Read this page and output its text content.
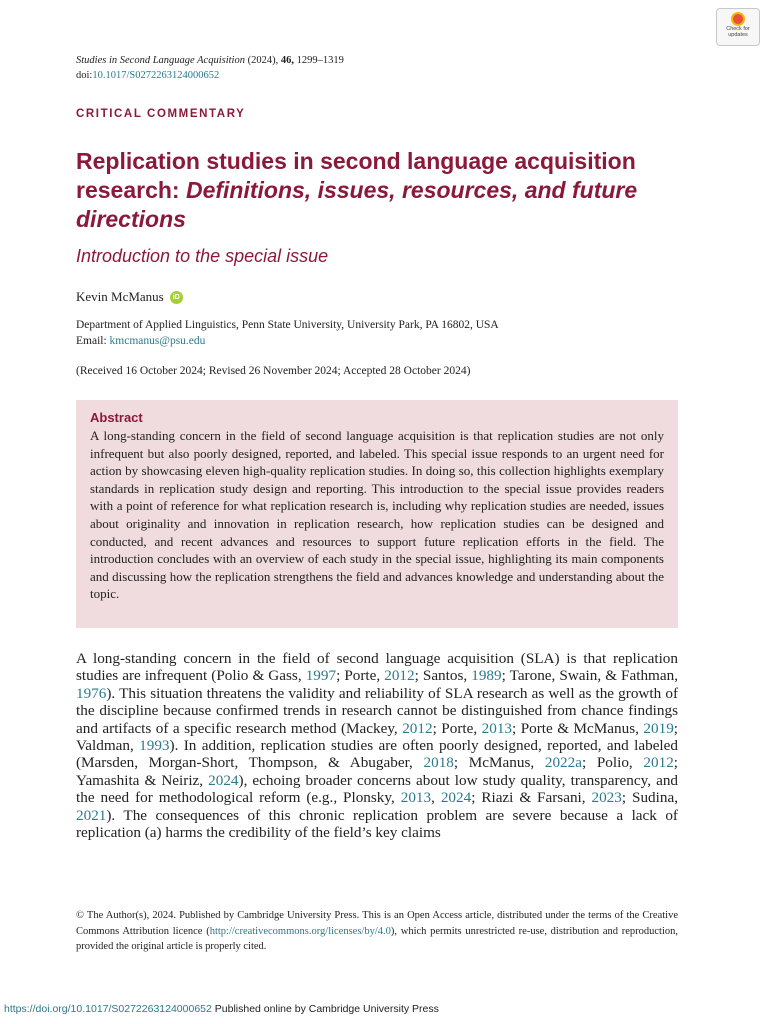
Check for
updates
Studies in Second Language Acquisition (2024), 46, 1299–1319
doi:10.1017/S0272263124000652
CRITICAL COMMENTARY
Replication studies in second language acquisition research: Definitions, issues, resources, and future directions
Introduction to the special issue
Kevin McManus	iD
Department of Applied Linguistics, Penn State University, University Park, PA 16802, USA
Email: kmcmanus@psu.edu
(Received 16 October 2024; Revised 26 November 2024; Accepted 28 October 2024)
Abstract
A long-standing concern in the field of second language acquisition is that replication studies are not only infrequent but also poorly designed, reported, and labeled. This special issue responds to an urgent need for action by showcasing eleven high-quality replication studies. In doing so, this collection highlights exemplary standards in replication study design and reporting. This introduction to the special issue provides readers with a point of reference for what replication research is, including why replication studies are needed, issues about originality and innovation in replication research, how replication studies can be designed and conducted, and recent advances and resources to support future replication efforts in the field. The introduction concludes with an overview of each study in the special issue, highlighting its main components and discussing how the replication strengthens the field and advances knowledge and understanding about the topic.

A long-standing concern in the field of second language acquisition (SLA) is that replication studies are infrequent (Polio & Gass, 1997; Porte, 2012; Santos, 1989; Tarone, Swain, & Fathman, 1976). This situation threatens the validity and reliability of SLA research as well as the growth of the discipline because confirmed trends in research cannot be distinguished from chance findings and artifacts of a specific research method (Mackey, 2012; Porte, 2013; Porte & McManus, 2019; Valdman, 1993). In addition, replication studies are often poorly designed, reported, and labeled (Marsden, Morgan-Short, Thompson, & Abugaber, 2018; McManus, 2022a; Polio, 2012; Yamashita & Neiriz, 2024), echoing broader concerns about low study quality, transparency, and the need for methodological reform (e.g., Plonsky, 2013, 2024; Riazi & Farsani, 2023; Sudina, 2021). The consequences of this chronic replication problem are severe because a lack of replication (a) harms the credibility of the field’s key claims

© The Author(s), 2024. Published by Cambridge University Press. This is an Open Access article, distributed under the terms of the Creative Commons Attribution licence (http://creativecommons.org/licenses/by/4.0), which permits unrestricted re-use, distribution and reproduction, provided the original article is properly cited.
https://doi.org/10.1017/S0272263124000652 Published online by Cambridge University Press
